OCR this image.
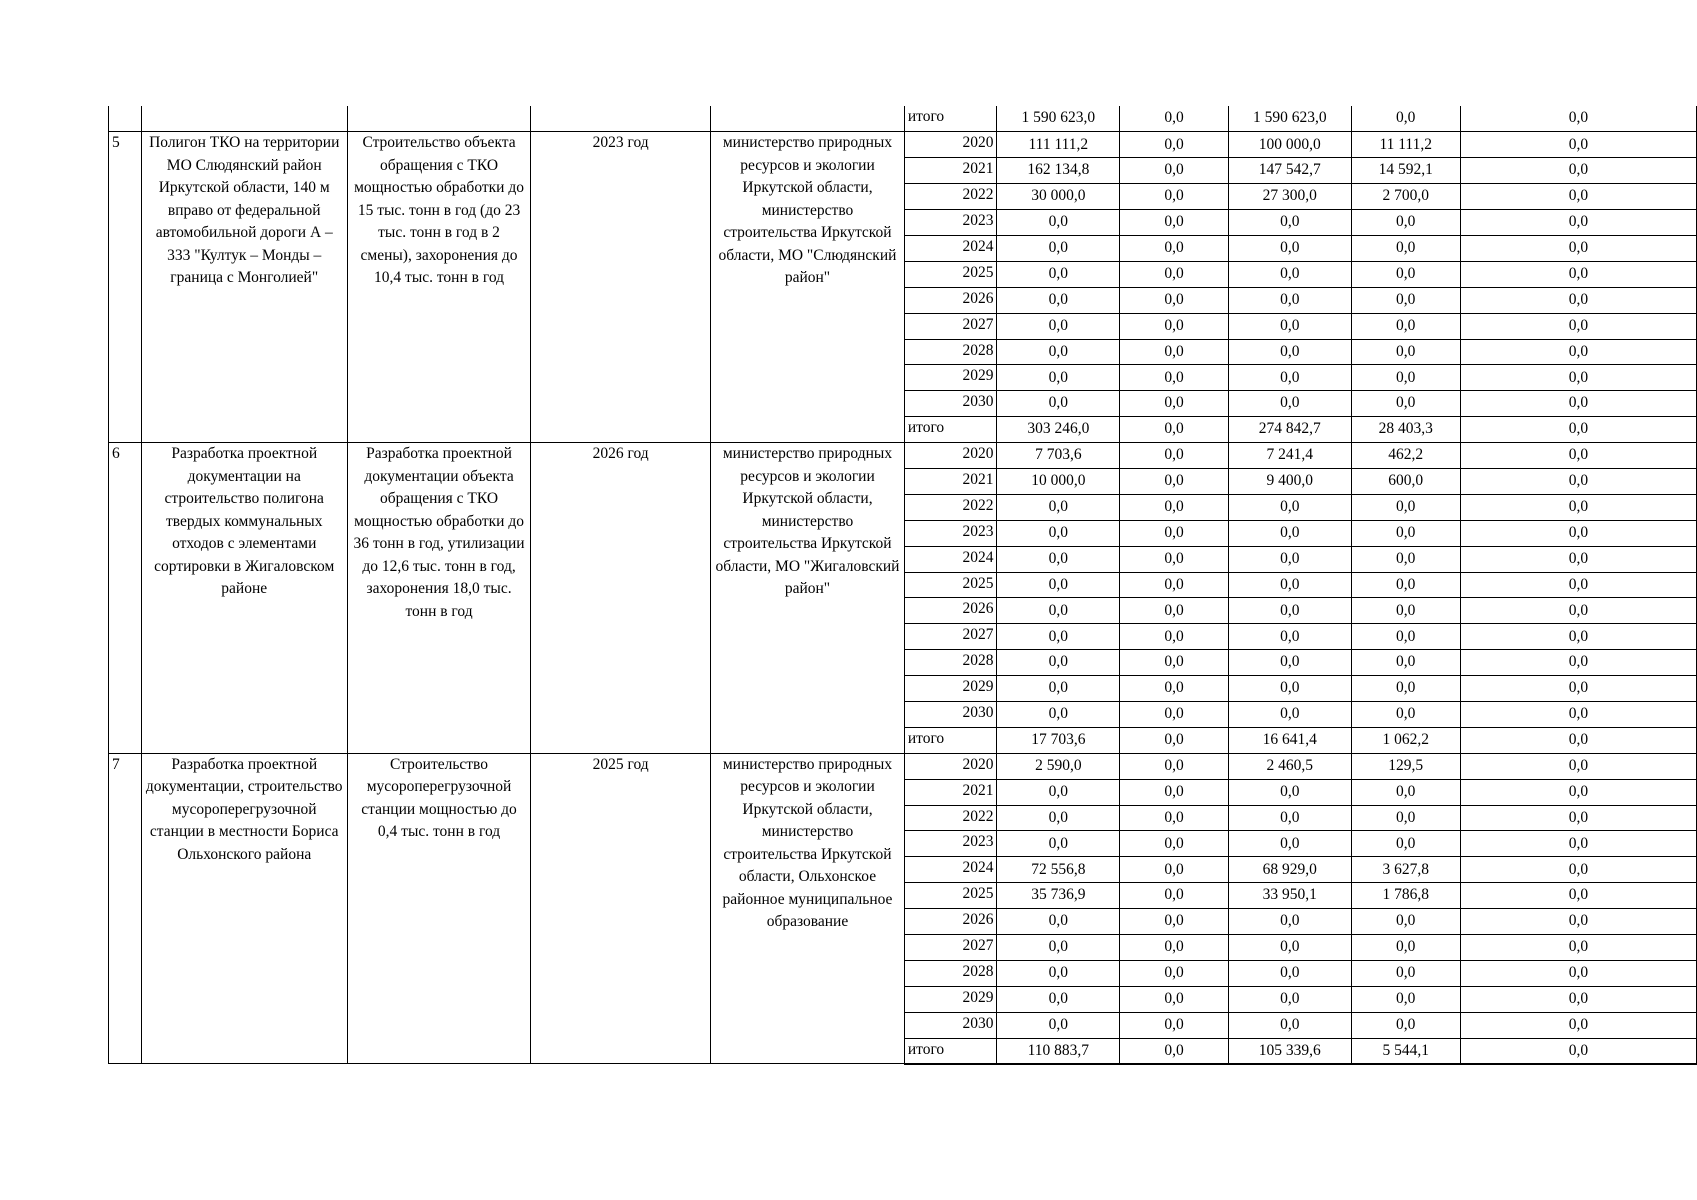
					итого	1 590 623,0	0,0	1 590 623,0	0,0	0,0
5	Полигон ТКО на территории МО Слюдянский район Иркутской области, 140 м вправо от федеральной автомобильной дороги А – 333 "Култук – Монды – граница с Монголией"	Строительство объекта обращения с ТКО мощностью обработки до 15 тыс. тонн в год (до 23 тыс. тонн в год в 2 смены), захоронения до 10,4 тыс. тонн в год	2023 год	министерство природных ресурсов и экологии Иркутской области, министерство строительства Иркутской области, МО "Слюдянский район"	2020	111 111,2	0,0	100 000,0	11 111,2	0,0
					2021	162 134,8	0,0	147 542,7	14 592,1	0,0
					2022	30 000,0	0,0	27 300,0	2 700,0	0,0
					2023	0,0	0,0	0,0	0,0	0,0
					2024	0,0	0,0	0,0	0,0	0,0
					2025	0,0	0,0	0,0	0,0	0,0
					2026	0,0	0,0	0,0	0,0	0,0
					2027	0,0	0,0	0,0	0,0	0,0
					2028	0,0	0,0	0,0	0,0	0,0
					2029	0,0	0,0	0,0	0,0	0,0
					2030	0,0	0,0	0,0	0,0	0,0
					итого	303 246,0	0,0	274 842,7	28 403,3	0,0
6	Разработка проектной документации на строительство полигона твердых коммунальных отходов с элементами сортировки в Жигаловском районе	Разработка проектной документации объекта обращения с ТКО мощностью обработки до 36 тонн в год, утилизации до 12,6 тыс. тонн в год, захоронения 18,0 тыс. тонн в год	2026 год	министерство природных ресурсов и экологии Иркутской области, министерство строительства Иркутской области, МО "Жигаловский район"	2020	7 703,6	0,0	7 241,4	462,2	0,0
					2021	10 000,0	0,0	9 400,0	600,0	0,0
					2022	0,0	0,0	0,0	0,0	0,0
					2023	0,0	0,0	0,0	0,0	0,0
					2024	0,0	0,0	0,0	0,0	0,0
					2025	0,0	0,0	0,0	0,0	0,0
					2026	0,0	0,0	0,0	0,0	0,0
					2027	0,0	0,0	0,0	0,0	0,0
					2028	0,0	0,0	0,0	0,0	0,0
					2029	0,0	0,0	0,0	0,0	0,0
					2030	0,0	0,0	0,0	0,0	0,0
					итого	17 703,6	0,0	16 641,4	1 062,2	0,0
7	Разработка проектной документации, строительство мусороперегрузочной станции в местности Бориса Ольхонского района	Строительство мусороперегрузочной станции мощностью до 0,4 тыс. тонн в год	2025 год	министерство природных ресурсов и экологии Иркутской области, министерство строительства Иркутской области, Ольхонское районное муниципальное образование	2020	2 590,0	0,0	2 460,5	129,5	0,0
					2021	0,0	0,0	0,0	0,0	0,0
					2022	0,0	0,0	0,0	0,0	0,0
					2023	0,0	0,0	0,0	0,0	0,0
					2024	72 556,8	0,0	68 929,0	3 627,8	0,0
					2025	35 736,9	0,0	33 950,1	1 786,8	0,0
					2026	0,0	0,0	0,0	0,0	0,0
					2027	0,0	0,0	0,0	0,0	0,0
					2028	0,0	0,0	0,0	0,0	0,0
					2029	0,0	0,0	0,0	0,0	0,0
					2030	0,0	0,0	0,0	0,0	0,0
					итого	110 883,7	0,0	105 339,6	5 544,1	0,0
